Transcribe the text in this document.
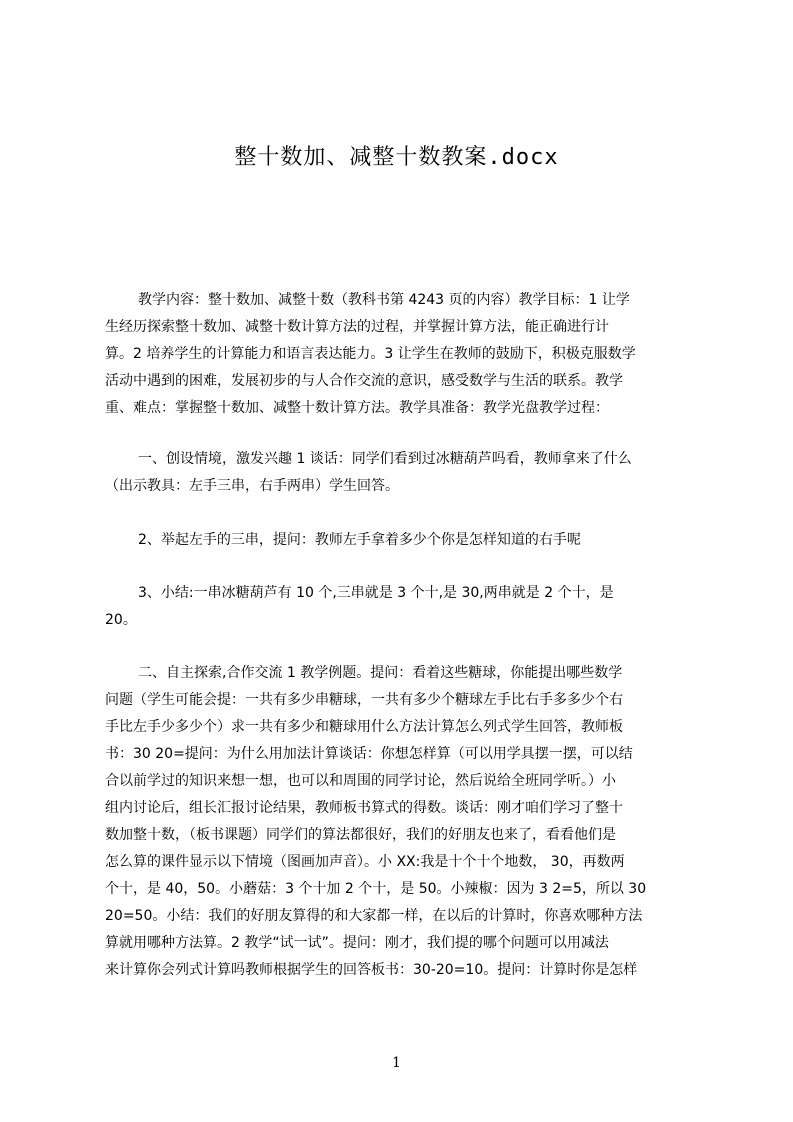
整十数加、减整十数教案.docx
教学内容：整十数加、减整十数（教科书第 4243 页的内容）教学目标：1 让学
生经历探索整十数加、减整十数计算方法的过程，并掌握计算方法，能正确进行计
算。2 培养学生的计算能力和语言表达能力。3 让学生在教师的鼓励下，积极克服数学
活动中遇到的困难，发展初步的与人合作交流的意识，感受数学与生活的联系。教学
重、难点：掌握整十数加、减整十数计算方法。教学具准备：教学光盘教学过程：
一、创设情境，激发兴趣 1 谈话：同学们看到过冰糖葫芦吗看，教师拿来了什么
（出示教具：左手三串，右手两串）学生回答。
2、举起左手的三串，提问：教师左手拿着多少个你是怎样知道的右手呢
3、小结:一串冰糖葫芦有 10 个,三串就是 3 个十,是 30,两串就是 2 个十，是
20。
二、自主探索,合作交流 1 教学例题。提问：看着这些糖球，你能提出哪些数学
问题（学生可能会提：一共有多少串糖球，一共有多少个糖球左手比右手多多少个右
手比左手少多少个）求一共有多少和糖球用什么方法计算怎么列式学生回答，教师板
书：30 20=提问：为什么用加法计算谈话：你想怎样算（可以用学具摆一摆，可以结
合以前学过的知识来想一想，也可以和周围的同学讨论，然后说给全班同学听。）小
组内讨论后，组长汇报讨论结果，教师板书算式的得数。谈话：刚才咱们学习了整十
数加整十数，（板书课题）同学们的算法都很好，我们的好朋友也来了，看看他们是
怎么算的课件显示以下情境（图画加声音）。小 XX:我是十个十个地数， 30，再数两
个十，是 40，50。小蘑菇：3 个十加 2 个十，是 50。小辣椒：因为 3 2=5，所以 30
20=50。小结：我们的好朋友算得的和大家都一样，在以后的计算时，你喜欢哪种方法
算就用哪种方法算。2 教学“试一试”。提问：刚才，我们提的哪个问题可以用减法
来计算你会列式计算吗教师根据学生的回答板书：30-20=10。提问：计算时你是怎样
1
